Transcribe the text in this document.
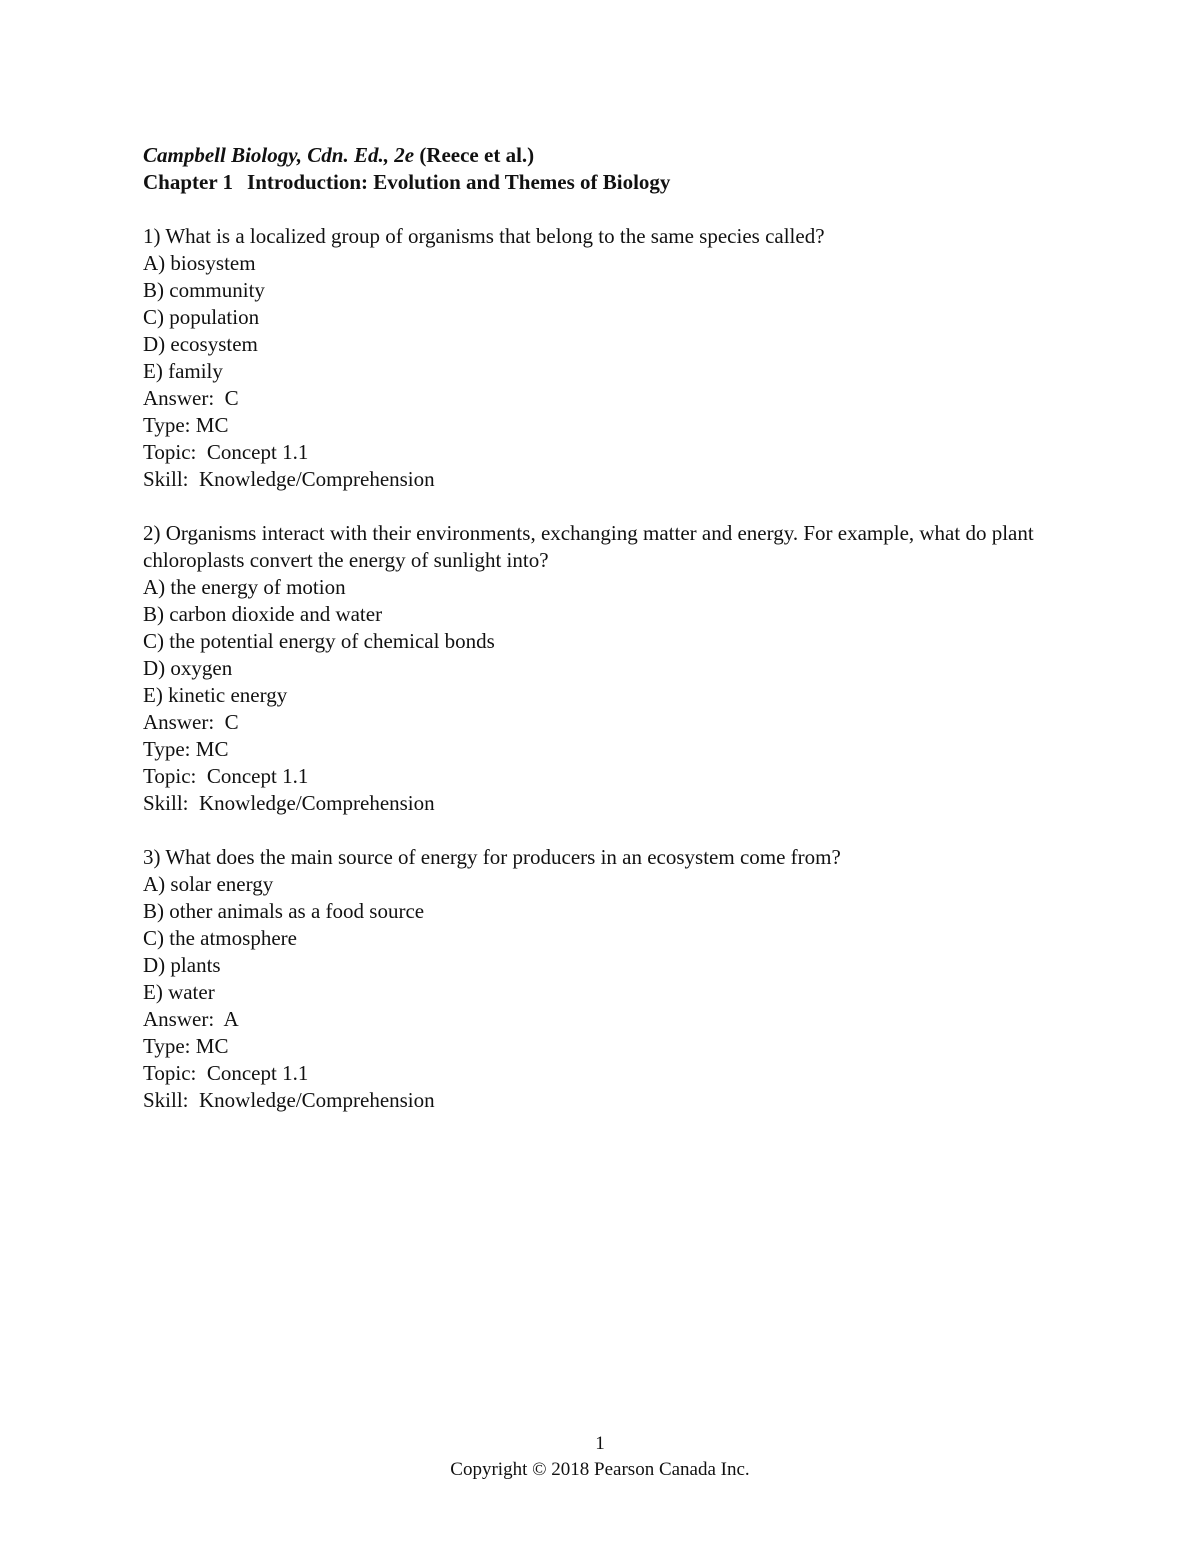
Campbell Biology, Cdn. Ed., 2e (Reece et al.)
Chapter 1 Introduction: Evolution and Themes of Biology
1) What is a localized group of organisms that belong to the same species called?
A) biosystem
B) community
C) population
D) ecosystem
E) family
Answer:  C
Type: MC
Topic:  Concept 1.1
Skill:  Knowledge/Comprehension
2) Organisms interact with their environments, exchanging matter and energy. For example, what do plant chloroplasts convert the energy of sunlight into?
A) the energy of motion
B) carbon dioxide and water
C) the potential energy of chemical bonds
D) oxygen
E) kinetic energy
Answer:  C
Type: MC
Topic:  Concept 1.1
Skill:  Knowledge/Comprehension
3) What does the main source of energy for producers in an ecosystem come from?
A) solar energy
B) other animals as a food source
C) the atmosphere
D) plants
E) water
Answer:  A
Type: MC
Topic:  Concept 1.1
Skill:  Knowledge/Comprehension
1
Copyright © 2018 Pearson Canada Inc.
